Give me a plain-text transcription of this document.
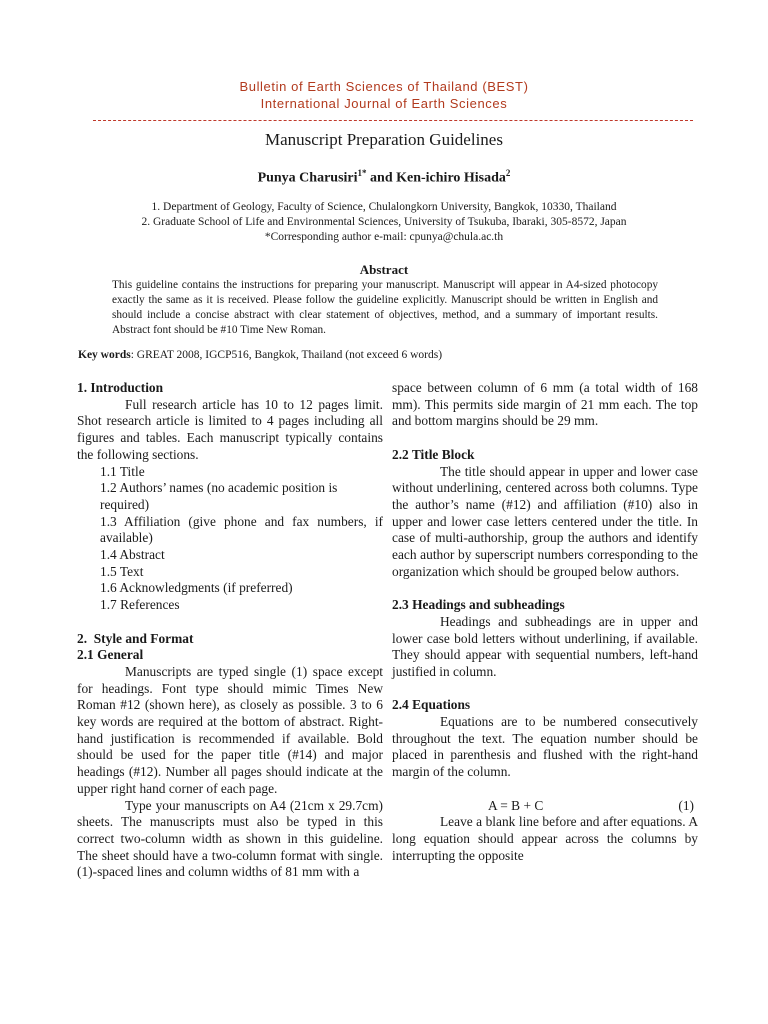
Bulletin of Earth Sciences of Thailand (BEST)
International Journal of Earth Sciences
Manuscript Preparation Guidelines
Punya Charusiri$^{1*}$ and Ken-ichiro Hisada$^2$
1. Department of Geology, Faculty of Science, Chulalongkorn University, Bangkok, 10330, Thailand
2. Graduate School of Life and Environmental Sciences, University of Tsukuba, Ibaraki, 305-8572, Japan
*Corresponding author e-mail: cpunya@chula.ac.th
Abstract
This guideline contains the instructions for preparing your manuscript. Manuscript will appear in A4-sized photocopy exactly the same as it is received. Please follow the guideline explicitly. Manuscript should be written in English and should include a concise abstract with clear statement of objectives, method, and a summary of important results. Abstract font should be #10 Time New Roman.
Key words: GREAT 2008, IGCP516, Bangkok, Thailand (not exceed 6 words)

1. Introduction

Full research article has 10 to 12 pages limit. Shot research article is limited to 4 pages including all figures and tables. Each manuscript typically contains the following sections.

1.1 Title

1.2 Authors’ names (no academic position is required)

1.3 Affiliation (give phone and fax numbers, if available)

1.4 Abstract

1.5 Text

1.6 Acknowledgments (if preferred)

1.7 References

2.  Style and Format

2.1 General

Manuscripts are typed single (1) space except for headings. Font type should mimic Times New Roman #12 (shown here), as closely as possible. 3 to 6 key words are required at the bottom of abstract. Right-hand justification is recommended if available. Bold should be used for the paper title (#14) and major headings (#12). Number all pages should indicate at the upper right hand corner of each page.

Type your manuscripts on A4 (21cm x 29.7cm) sheets. The manuscripts must also be typed in this correct two-column width as shown in this guideline. The sheet should have a two-column format with single. (1)-spaced lines and column widths of 81 mm with a

space between column of 6 mm (a total width of 168 mm). This permits side margin of 21 mm each. The top and bottom margins should be 29 mm.

2.2 Title Block

The title should appear in upper and lower case without underlining, centered across both columns. Type the author’s name (#12) and affiliation (#10) also in upper and lower case letters centered under the title. In case of multi-authorship, group the authors and identify each author by superscript numbers corresponding to the organization which should be grouped below authors.

2.3 Headings and subheadings

Headings and subheadings are in upper and lower case bold letters without underlining, if available. They should appear with sequential numbers, left-hand justified in column.

2.4 Equations

Equations are to be numbered consecutively throughout the text. The equation number should be placed in parenthesis and flushed with the right-hand margin of the column.

A = B + C	(1)

Leave a blank line before and after equations. A long equation should appear across the columns by interrupting the opposite
